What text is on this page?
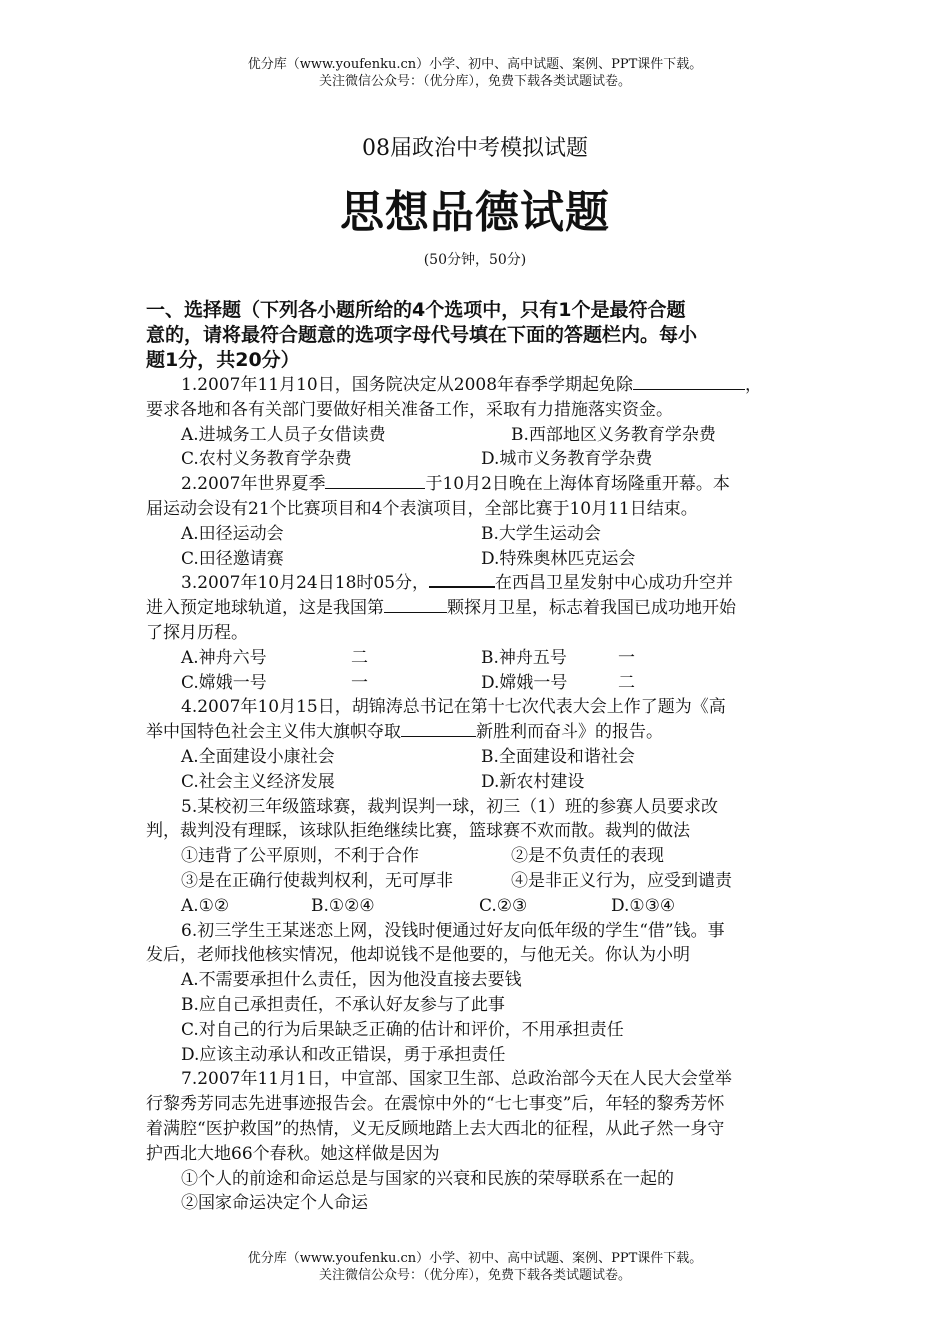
优分库（www.youfenku.cn）小学、初中、高中试题、案例、PPT课件下载。
关注微信公众号：（优分库），免费下载各类试题试卷。
08届政治中考模拟试题
思想品德试题
(50分钟，50分)
一、选择题（下列各小题所给的4个选项中，只有1个是最符合题
意的，请将最符合题意的选项字母代号填在下面的答题栏内。每小
题1分，共20分）
1.2007年11月10日，国务院决定从2008年春季学期起免除	，
要求各地和各有关部门要做好相关准备工作，采取有力措施落实资金。
A.进城务工人员子女借读费	B.西部地区义务教育学杂费
C.农村义务教育学杂费	D.城市义务教育学杂费
2.2007年世界夏季	于10月2日晚在上海体育场隆重开幕。本
届运动会设有21个比赛项目和4个表演项目，全部比赛于10月11日结束。
A.田径运动会	B.大学生运动会
C.田径邀请赛	D.特殊奥林匹克运会
3.2007年10月24日18时05分，	在西昌卫星发射中心成功升空并
进入预定地球轨道，这是我国第	颗探月卫星，标志着我国已成功地开始
了探月历程。
A.神舟六号	二	B.神舟五号	一
C.嫦娥一号	一	D.嫦娥一号	二
4.2007年10月15日，胡锦涛总书记在第十七次代表大会上作了题为《高
举中国特色社会主义伟大旗帜夺取	新胜利而奋斗》的报告。
A.全面建设小康社会	B.全面建设和谐社会
C.社会主义经济发展	D.新农村建设
5.某校初三年级篮球赛，裁判误判一球，初三（1）班的参赛人员要求改
判，裁判没有理睬，该球队拒绝继续比赛，篮球赛不欢而散。裁判的做法
①违背了公平原则，不利于合作	②是不负责任的表现
③是在正确行使裁判权利，无可厚非	④是非正义行为，应受到谴责
A.①②	B.①②④	C.②③	D.①③④
6.初三学生王某迷恋上网，没钱时便通过好友向低年级的学生“借”钱。事
发后，老师找他核实情况，他却说钱不是他要的，与他无关。你认为小明
A.不需要承担什么责任，因为他没直接去要钱
B.应自己承担责任，不承认好友参与了此事
C.对自己的行为后果缺乏正确的估计和评价，不用承担责任
D.应该主动承认和改正错误，勇于承担责任
7.2007年11月1日，中宣部、国家卫生部、总政治部今天在人民大会堂举
行黎秀芳同志先进事迹报告会。在震惊中外的“七七事变”后，年轻的黎秀芳怀
着满腔“医护救国”的热情，义无反顾地踏上去大西北的征程，从此孑然一身守
护西北大地66个春秋。她这样做是因为
①个人的前途和命运总是与国家的兴衰和民族的荣辱联系在一起的
②国家命运决定个人命运
优分库（www.youfenku.cn）小学、初中、高中试题、案例、PPT课件下载。
关注微信公众号：（优分库），免费下载各类试题试卷。
